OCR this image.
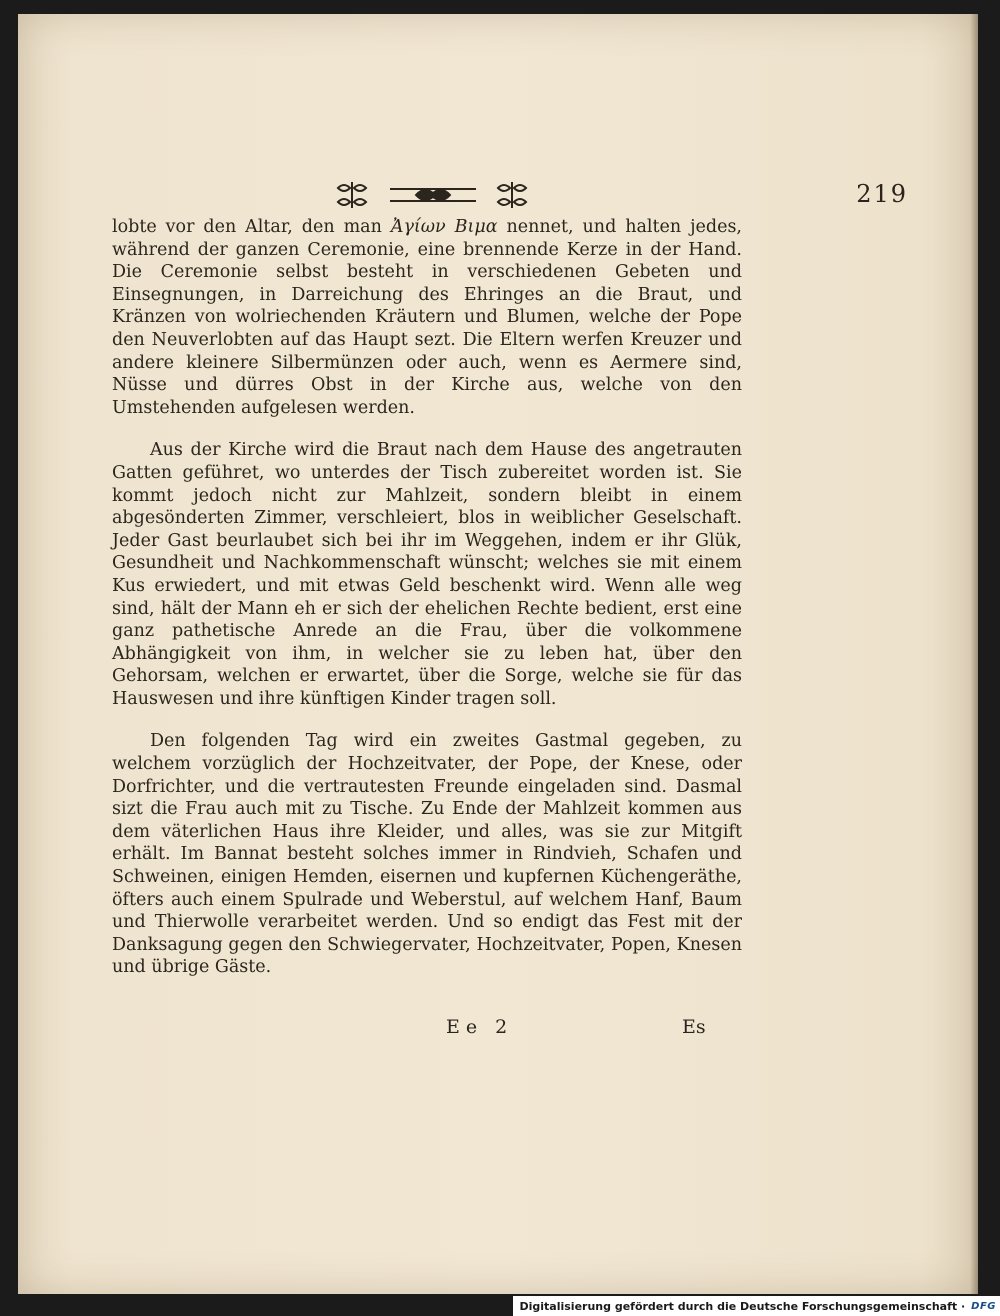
219

lobte vor den Altar, den man Ἀγίων Βιμα nennet, und halten jedes, während der ganzen Ceremonie, eine brennende Kerze in der Hand. Die Ceremonie selbst besteht in verschiedenen Gebeten und Einsegnungen, in Darreichung des Ehringes an die Braut, und Kränzen von wolriechenden Kräutern und Blumen, welche der Pope den Neuverlobten auf das Haupt sezt. Die Eltern werfen Kreuzer und andere kleinere Silbermünzen oder auch, wenn es Aermere sind, Nüsse und dürres Obst in der Kirche aus, welche von den Umstehenden aufgelesen werden.

Aus der Kirche wird die Braut nach dem Hause des angetrauten Gatten geführet, wo unterdes der Tisch zubereitet worden ist. Sie kommt jedoch nicht zur Mahlzeit, sondern bleibt in einem abgesönderten Zimmer, verschleiert, blos in weiblicher Geselschaft. Jeder Gast beurlaubet sich bei ihr im Weggehen, indem er ihr Glük, Gesundheit und Nachkommenschaft wünscht; welches sie mit einem Kus erwiedert, und mit etwas Geld beschenkt wird. Wenn alle weg sind, hält der Mann eh er sich der ehelichen Rechte bedient, erst eine ganz pathetische Anrede an die Frau, über die volkommene Abhängigkeit von ihm, in welcher sie zu leben hat, über den Gehorsam, welchen er erwartet, über die Sorge, welche sie für das Hauswesen und ihre künftigen Kinder tragen soll.

Den folgenden Tag wird ein zweites Gastmal gegeben, zu welchem vorzüglich der Hochzeitvater, der Pope, der Knese, oder Dorfrichter, und die vertrautesten Freunde eingeladen sind. Dasmal sizt die Frau auch mit zu Tische. Zu Ende der Mahlzeit kommen aus dem väterlichen Haus ihre Kleider, und alles, was sie zur Mitgift erhält. Im Bannat besteht solches immer in Rindvieh, Schafen und Schweinen, einigen Hemden, eisernen und kupfernen Küchengeräthe, öfters auch einem Spulrade und Weberstul, auf welchem Hanf, Baum und Thierwolle verarbeitet werden. Und so endigt das Fest mit der Danksagung gegen den Schwiegervater, Hochzeitvater, Popen, Knesen und übrige Gäste.

Ee 2	Es
Digitalisierung gefördert durch die Deutsche Forschungsgemeinschaft · DFG
